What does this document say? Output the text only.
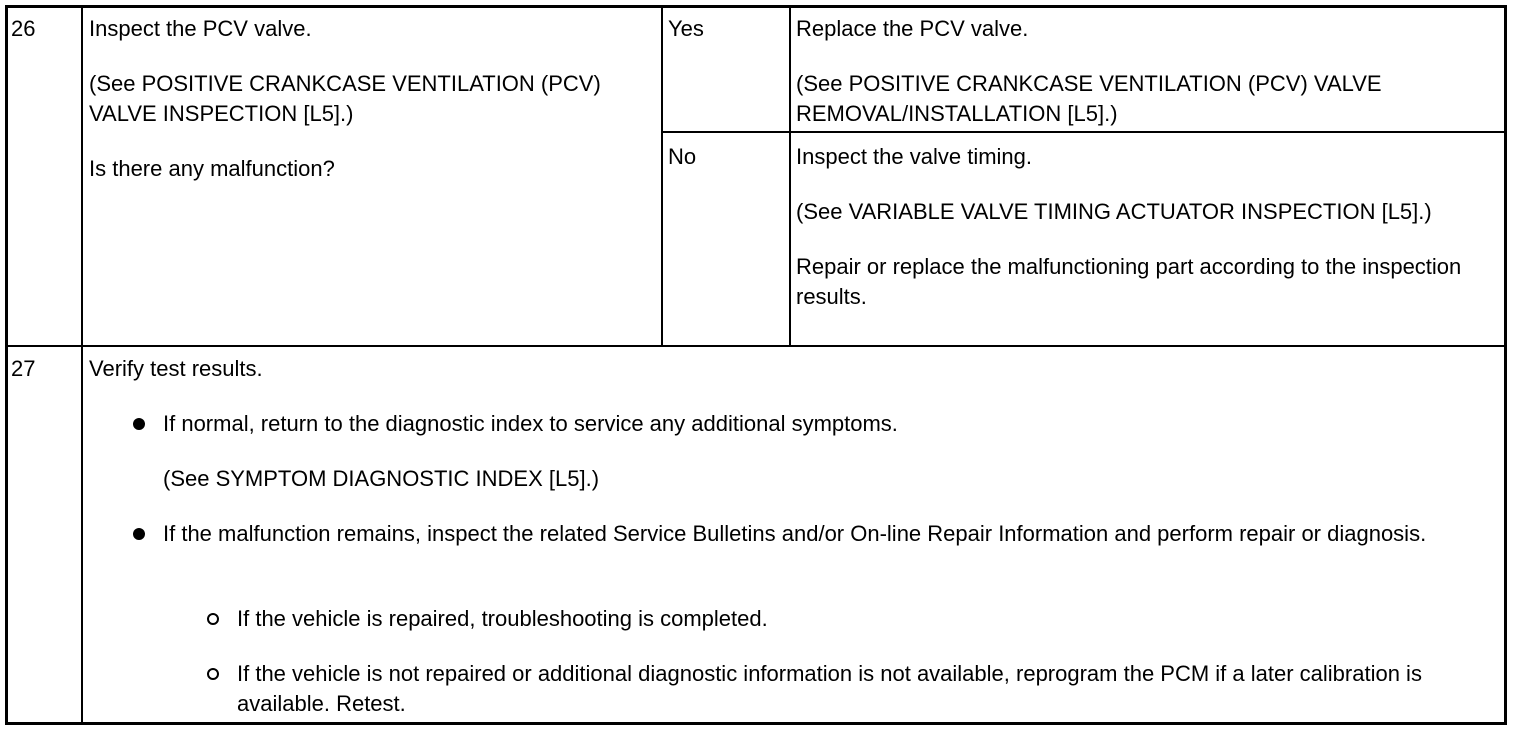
26 Inspect the PCV valve.

(See POSITIVE CRANKCASE VENTILATION (PCV) VALVE INSPECTION [L5].)

Is there any malfunction?

Yes	Replace the PCV valve.

(See POSITIVE CRANKCASE VENTILATION (PCV) VALVE REMOVAL/INSTALLATION [L5].)

No	Inspect the valve timing.

(See VARIABLE VALVE TIMING ACTUATOR INSPECTION [L5].)

Repair or replace the malfunctioning part according to the inspection results.

27 Verify test results.
If normal, return to the diagnostic index to service any additional symptoms.
(See SYMPTOM DIAGNOSTIC INDEX [L5].)
If the malfunction remains, inspect the related Service Bulletins and/or On-line Repair Information and perform repair or diagnosis.
If the vehicle is repaired, troubleshooting is completed.
If the vehicle is not repaired or additional diagnostic information is not available, reprogram the PCM if a later calibration is available. Retest.
